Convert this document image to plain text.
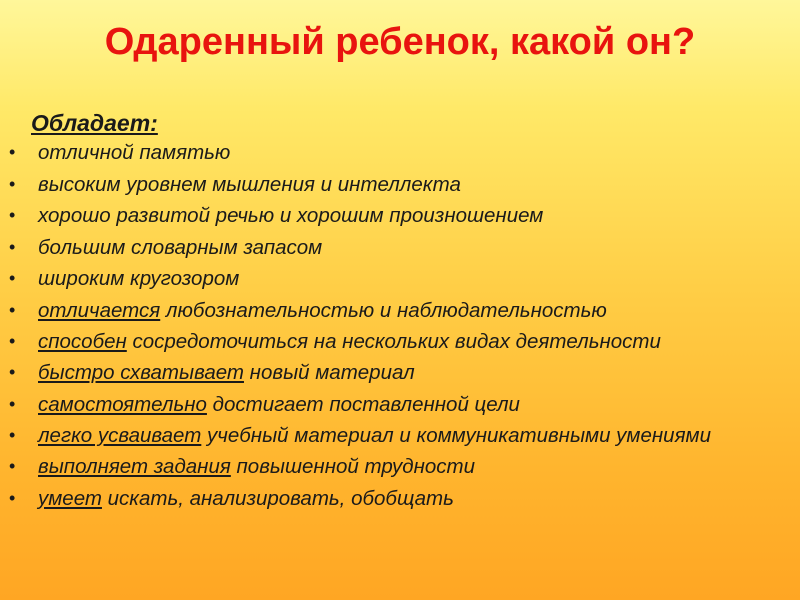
Одаренный ребенок, какой он?
Обладает:
• отличной памятью
• высоким уровнем мышления и интеллекта
• хорошо развитой речью и хорошим произношением
• большим словарным запасом
• широким кругозором
• отличается любознательностью и наблюдательностью
• способен сосредоточиться на нескольких видах деятельности
• быстро схватывает новый материал
• самостоятельно достигает поставленной цели
• легко усваивает учебный материал и коммуникативными умениями
• выполняет задания повышенной трудности
• умеет искать, анализировать, обобщать
